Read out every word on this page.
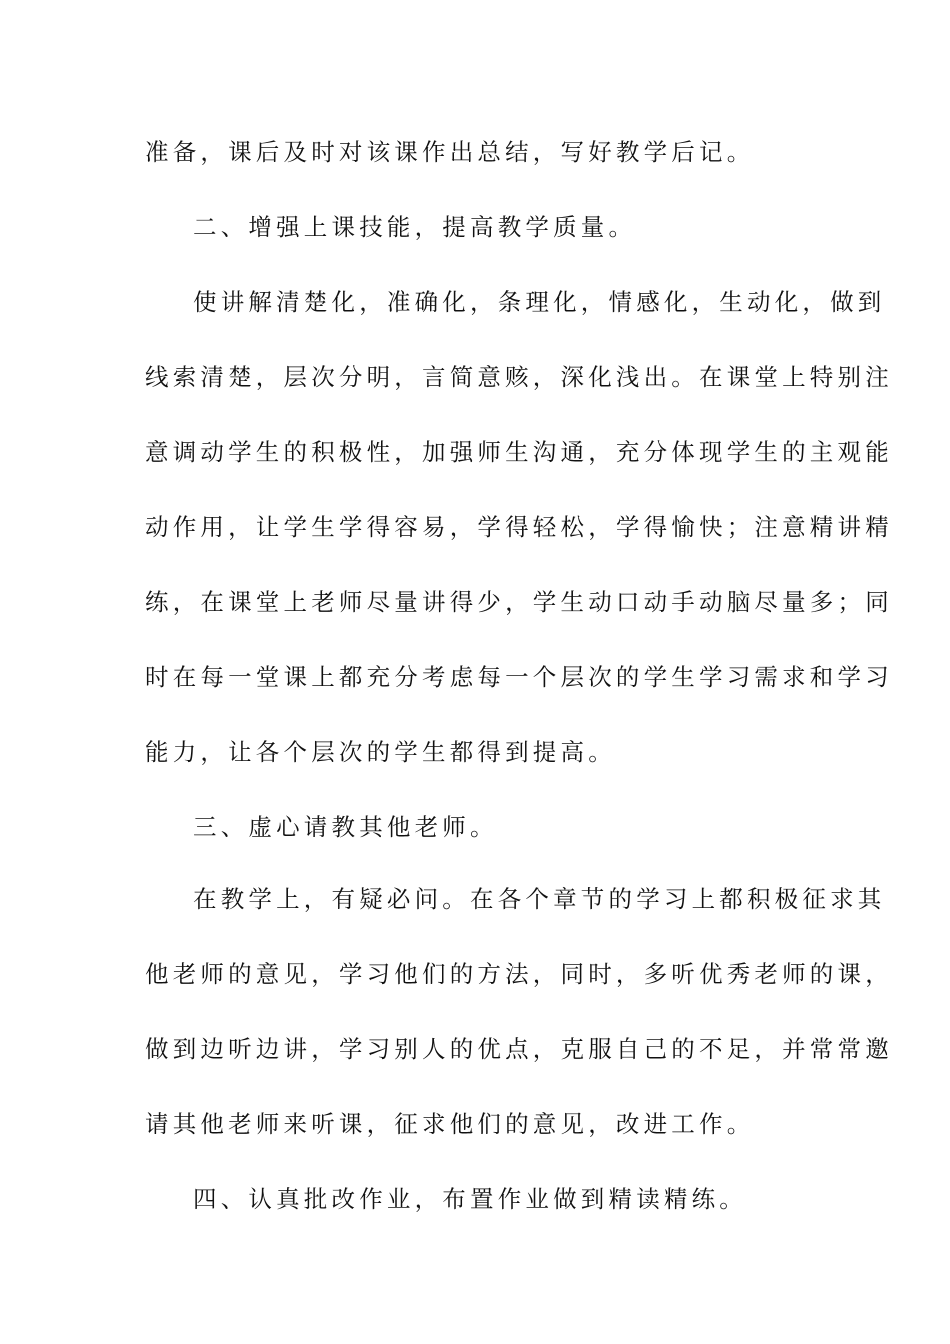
准备，课后及时对该课作出总结，写好教学后记。
二、增强上课技能，提高教学质量。
使讲解清楚化，准确化，条理化，情感化，生动化，做到
线索清楚，层次分明，言简意赅，深化浅出。在课堂上特别注
意调动学生的积极性，加强师生沟通，充分体现学生的主观能
动作用，让学生学得容易，学得轻松，学得愉快；注意精讲精
练，在课堂上老师尽量讲得少，学生动口动手动脑尽量多；同
时在每一堂课上都充分考虑每一个层次的学生学习需求和学习
能力，让各个层次的学生都得到提高。
三、虚心请教其他老师。
在教学上，有疑必问。在各个章节的学习上都积极征求其
他老师的意见，学习他们的方法，同时，多听优秀老师的课，
做到边听边讲，学习别人的优点，克服自己的不足，并常常邀
请其他老师来听课，征求他们的意见，改进工作。
四、认真批改作业，布置作业做到精读精练。
